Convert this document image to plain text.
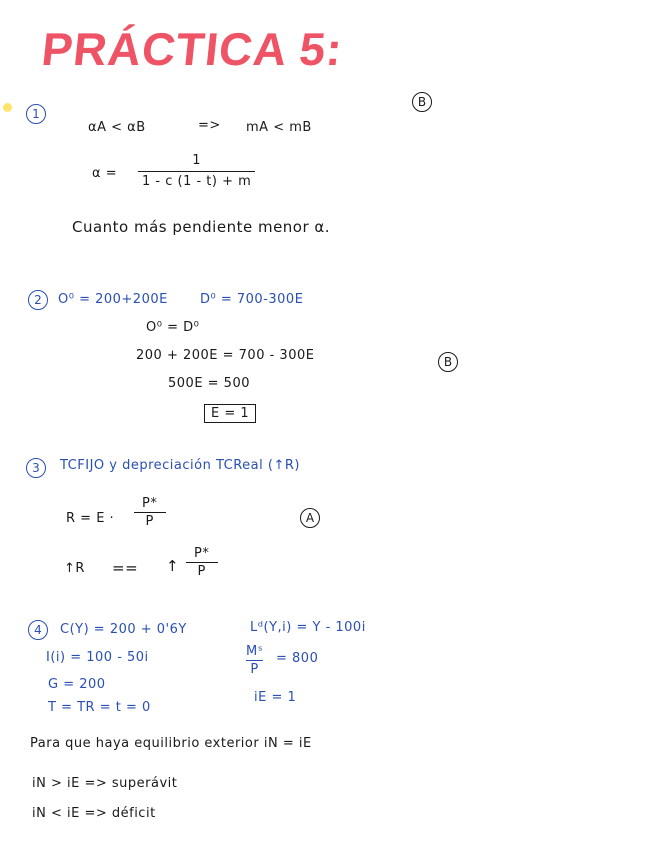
PRÁCTICA 5:
1
B
αA < αB	=> mA < mB
$\alpha = \frac{1}{1 - c (1 - t) + m}$
Cuanto más pendiente menor α.
2
B
O⁰ = 200+200E D⁰ = 700-300E
O⁰ = D⁰
200 + 200E = 700 - 300E
500E = 500
E = 1
3
A
TCFIJO y depreciación TCReal (↑R)
$R = E \cdot \frac{P*}{P}$
↑R == ↑ $\frac{P*}{P}$
4	C(Y) = 200 + 0'6Y
I(i) = 100 - 50i
G = 200
T = TR = t = 0
Lᵈ(Y,i) = Y - 100i
$\frac{\text{Mˢ}}{P} = 800$
iE = 1
Para que haya equilibrio exterior iN = iE
iN > iE => superávit
iN < iE => déficit
